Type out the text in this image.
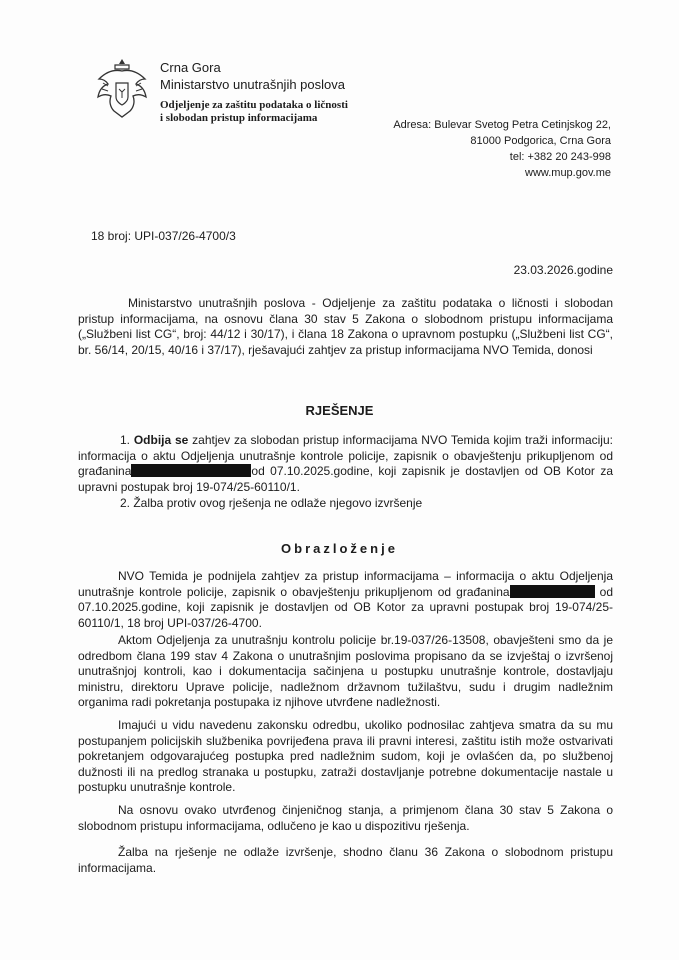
Crna Gora
Ministarstvo unutrašnjih poslova
Odjeljenje za zaštitu podataka o ličnosti
i slobodan pristup informacijama
Adresa: Bulevar Svetog Petra Cetinjskog 22,
81000 Podgorica, Crna Gora
tel: +382 20 243-998
www.mup.gov.me
18 broj: UPI-037/26-4700/3
23.03.2026.godine
Ministarstvo unutrašnjih poslova - Odjeljenje za zaštitu podataka o ličnosti i slobodan pristup informacijama, na osnovu člana 30 stav 5 Zakona o slobodnom pristupu informacijama („Službeni list CG“, broj: 44/12 i 30/17), i člana 18 Zakona o upravnom postupku („Službeni list CG“, br. 56/14, 20/15, 40/16 i 37/17), rješavajući zahtjev za pristup informacijama NVO Temida, donosi
RJEŠENJE
1. Odbija se zahtjev za slobodan pristup informacijama NVO Temida kojim traži informaciju: informacija o aktu Odjeljenja unutrašnje kontrole policije, zapisnik o obavještenju prikupljenom od građanina	od 07.10.2025.godine, koji zapisnik je dostavljen od OB Kotor za upravni postupak broj 19-074/25-60110/1.
2. Žalba protiv ovog rješenja ne odlaže njegovo izvršenje
Obrazloženje
NVO Temida je podnijela zahtjev za pristup informacijama – informacija o aktu Odjeljenja unutrašnje kontrole policije, zapisnik o obavještenju prikupljenom od građanina	od 07.10.2025.godine, koji zapisnik je dostavljen od OB Kotor za upravni postupak broj 19-074/25-60110/1, 18 broj UPI-037/26-4700.
Aktom Odjeljenja za unutrašnju kontrolu policije br.19-037/26-13508, obavješteni smo da je odredbom člana 199 stav 4 Zakona o unutrašnjim poslovima propisano da se izvještaj o izvršenoj unutrašnjoj kontroli, kao i dokumentacija sačinjena u postupku unutrašnje kontrole, dostavljaju ministru, direktoru Uprave policije, nadležnom državnom tužilaštvu, sudu i drugim nadležnim organima radi pokretanja postupaka iz njihove utvrđene nadležnosti.
Imajući u vidu navedenu zakonsku odredbu, ukoliko podnosilac zahtjeva smatra da su mu postupanjem policijskih službenika povrijeđena prava ili pravni interesi, zaštitu istih može ostvarivati pokretanjem odgovarajućeg postupka pred nadležnim sudom, koji je ovlašćen da, po službenoj dužnosti ili na predlog stranaka u postupku, zatraži dostavljanje potrebne dokumentacije nastale u postupku unutrašnje kontrole.
Na osnovu ovako utvrđenog činjeničnog stanja, a primjenom člana 30 stav 5 Zakona o slobodnom pristupu informacijama, odlučeno je kao u dispozitivu rješenja.
Žalba na rješenje ne odlaže izvršenje, shodno članu 36 Zakona o slobodnom pristupu informacijama.
